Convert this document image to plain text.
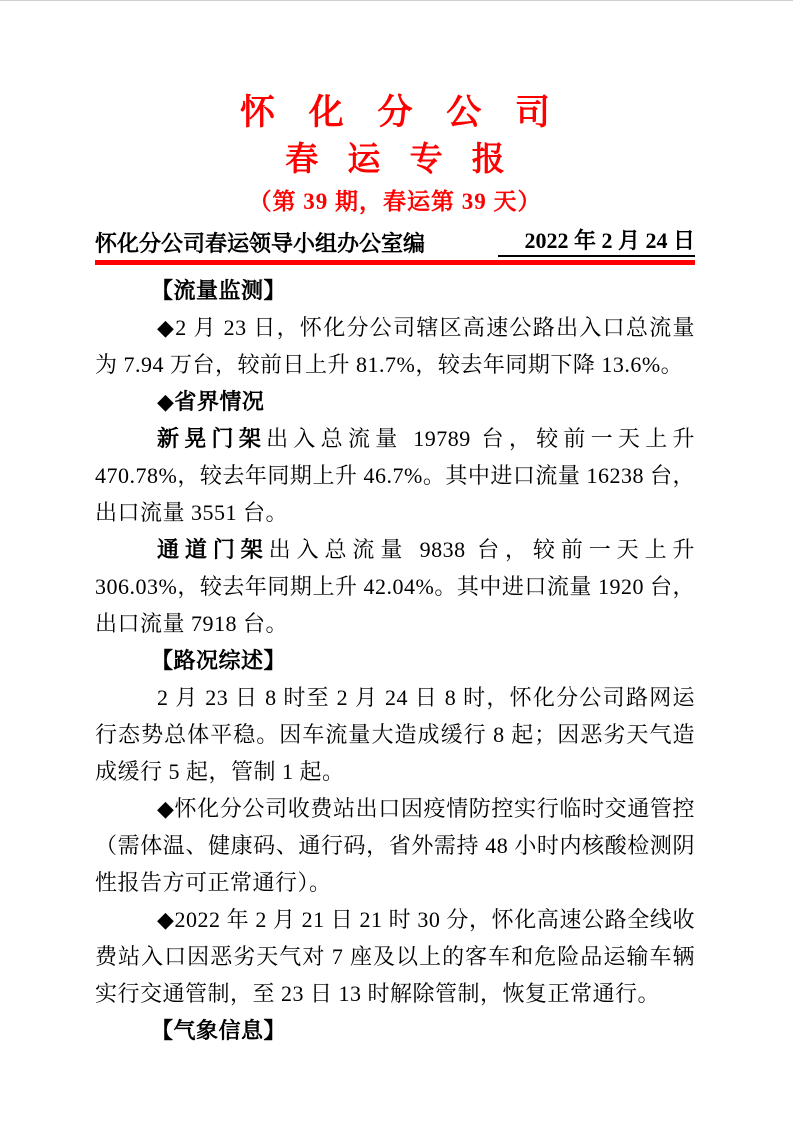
怀 化 分 公 司
春 运 专 报
（第 39 期，春运第 39 天）
怀化分公司春运领导小组办公室编	2022 年 2 月 24 日

【流量监测】

◆2 月 23 日，怀化分公司辖区高速公路出入口总流量为 7.94 万台，较前日上升 81.7%，较去年同期下降 13.6%。

◆省界情况

新晃门架出入总流量 19789 台，较前一天上升 470.78%，较去年同期上升 46.7%。其中进口流量 16238 台，出口流量 3551 台。

通道门架出入总流量 9838 台，较前一天上升 306.03%，较去年同期上升 42.04%。其中进口流量 1920 台，出口流量 7918 台。

【路况综述】

2 月 23 日 8 时至 2 月 24 日 8 时，怀化分公司路网运行态势总体平稳。因车流量大造成缓行 8 起；因恶劣天气造成缓行 5 起，管制 1 起。

◆怀化分公司收费站出口因疫情防控实行临时交通管控（需体温、健康码、通行码，省外需持 48 小时内核酸检测阴性报告方可正常通行）。

◆2022 年 2 月 21 日 21 时 30 分，怀化高速公路全线收费站入口因恶劣天气对 7 座及以上的客车和危险品运输车辆实行交通管制，至 23 日 13 时解除管制，恢复正常通行。

【气象信息】
